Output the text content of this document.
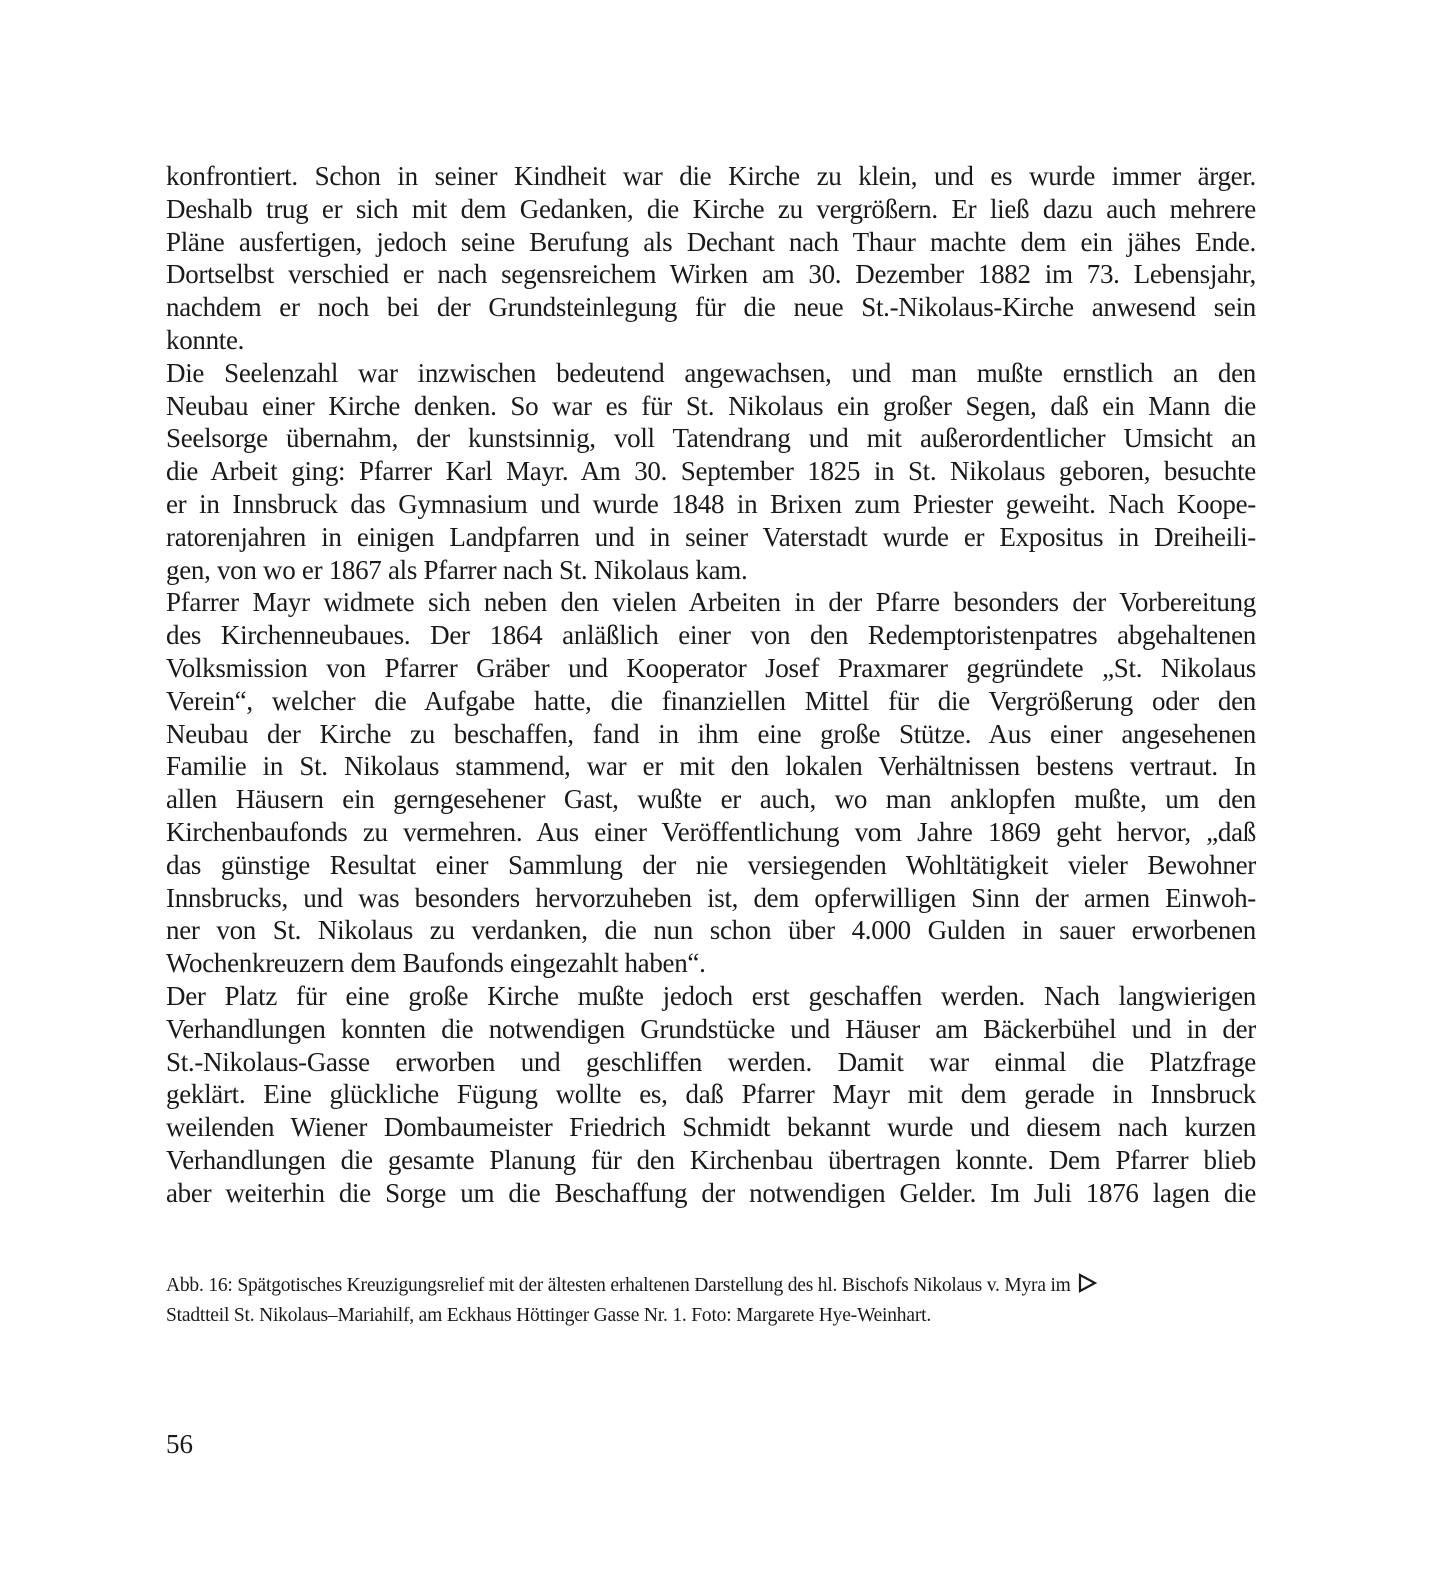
konfrontiert. Schon in seiner Kindheit war die Kirche zu klein, und es wurde immer ärger.
Deshalb trug er sich mit dem Gedanken, die Kirche zu vergrößern. Er ließ dazu auch mehrere
Pläne ausfertigen, jedoch seine Berufung als Dechant nach Thaur machte dem ein jähes Ende.
Dortselbst verschied er nach segensreichem Wirken am 30. Dezember 1882 im 73. Lebensjahr,
nachdem er noch bei der Grundsteinlegung für die neue St.-Nikolaus-Kirche anwesend sein
konnte.
Die Seelenzahl war inzwischen bedeutend angewachsen, und man mußte ernstlich an den
Neubau einer Kirche denken. So war es für St. Nikolaus ein großer Segen, daß ein Mann die
Seelsorge übernahm, der kunstsinnig, voll Tatendrang und mit außerordentlicher Umsicht an
die Arbeit ging: Pfarrer Karl Mayr. Am 30. September 1825 in St. Nikolaus geboren, besuchte
er in Innsbruck das Gymnasium und wurde 1848 in Brixen zum Priester geweiht. Nach Koope-
ratorenjahren in einigen Landpfarren und in seiner Vaterstadt wurde er Expositus in Dreiheili-
gen, von wo er 1867 als Pfarrer nach St. Nikolaus kam.
Pfarrer Mayr widmete sich neben den vielen Arbeiten in der Pfarre besonders der Vorbereitung
des Kirchenneubaues. Der 1864 anläßlich einer von den Redemptoristenpatres abgehaltenen
Volksmission von Pfarrer Gräber und Kooperator Josef Praxmarer gegründete „St. Nikolaus
Verein“, welcher die Aufgabe hatte, die finanziellen Mittel für die Vergrößerung oder den
Neubau der Kirche zu beschaffen, fand in ihm eine große Stütze. Aus einer angesehenen
Familie in St. Nikolaus stammend, war er mit den lokalen Verhältnissen bestens vertraut. In
allen Häusern ein gerngesehener Gast, wußte er auch, wo man anklopfen mußte, um den
Kirchenbaufonds zu vermehren. Aus einer Veröffentlichung vom Jahre 1869 geht hervor, „daß
das günstige Resultat einer Sammlung der nie versiegenden Wohltätigkeit vieler Bewohner
Innsbrucks, und was besonders hervorzuheben ist, dem opferwilligen Sinn der armen Einwoh-
ner von St. Nikolaus zu verdanken, die nun schon über 4.000 Gulden in sauer erworbenen
Wochenkreuzern dem Baufonds eingezahlt haben“.
Der Platz für eine große Kirche mußte jedoch erst geschaffen werden. Nach langwierigen
Verhandlungen konnten die notwendigen Grundstücke und Häuser am Bäckerbühel und in der
St.-Nikolaus-Gasse erworben und geschliffen werden. Damit war einmal die Platzfrage
geklärt. Eine glückliche Fügung wollte es, daß Pfarrer Mayr mit dem gerade in Innsbruck
weilenden Wiener Dombaumeister Friedrich Schmidt bekannt wurde und diesem nach kurzen
Verhandlungen die gesamte Planung für den Kirchenbau übertragen konnte. Dem Pfarrer blieb
aber weiterhin die Sorge um die Beschaffung der notwendigen Gelder. Im Juli 1876 lagen die
Abb. 16: Spätgotisches Kreuzigungsrelief mit der ältesten erhaltenen Darstellung des hl. Bischofs Nikolaus v. Myra im
Stadtteil St. Nikolaus–Mariahilf, am Eckhaus Höttinger Gasse Nr. 1. Foto: Margarete Hye-Weinhart.
56
